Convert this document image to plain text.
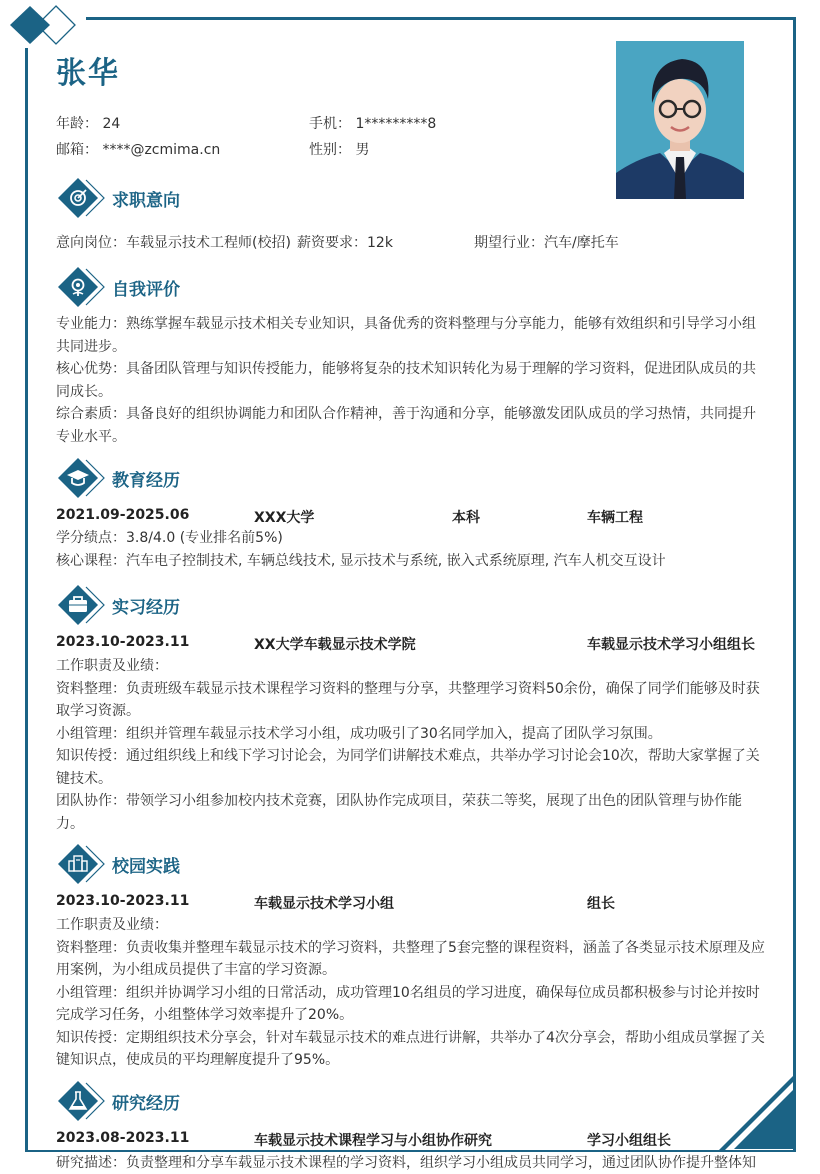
张华
年龄： 24	手机： 1*********8
邮箱： ****@zcmima.cn	性别： 男
求职意向
意向岗位：车载显示技术工程师(校招) 薪资要求：12k	期望行业：汽车/摩托车
自我评价

专业能力：熟练掌握车载显示技术相关专业知识，具备优秀的资料整理与分享能力，能够有效组织和引导学习小组共同进步。

核心优势：具备团队管理与知识传授能力，能够将复杂的技术知识转化为易于理解的学习资料，促进团队成员的共同成长。

综合素质：具备良好的组织协调能力和团队合作精神，善于沟通和分享，能够激发团队成员的学习热情，共同提升专业水平。

教育经历
2021.09-2025.06	XXX大学	本科	车辆工程

学分绩点：3.8/4.0 (专业排名前5%)

核心课程：汽车电子控制技术, 车辆总线技术, 显示技术与系统, 嵌入式系统原理, 汽车人机交互设计

实习经历
2023.10-2023.11	XX大学车载显示技术学院	车载显示技术学习小组组长

工作职责及业绩：

资料整理：负责班级车载显示技术课程学习资料的整理与分享，共整理学习资料50余份，确保了同学们能够及时获取学习资源。

小组管理：组织并管理车载显示技术学习小组，成功吸引了30名同学加入，提高了团队学习氛围。

知识传授：通过组织线上和线下学习讨论会，为同学们讲解技术难点，共举办学习讨论会10次，帮助大家掌握了关键技术。

团队协作：带领学习小组参加校内技术竞赛，团队协作完成项目，荣获二等奖，展现了出色的团队管理与协作能力。

校园实践
2023.10-2023.11	车载显示技术学习小组	组长

工作职责及业绩：

资料整理：负责收集并整理车载显示技术的学习资料，共整理了5套完整的课程资料，涵盖了各类显示技术原理及应用案例，为小组成员提供了丰富的学习资源。

小组管理：组织并协调学习小组的日常活动，成功管理10名组员的学习进度，确保每位成员都积极参与讨论并按时完成学习任务，小组整体学习效率提升了20%。

知识传授：定期组织技术分享会，针对车载显示技术的难点进行讲解，共举办了4次分享会，帮助小组成员掌握了关键知识点，使成员的平均理解度提升了95%。

研究经历
2023.08-2023.11	车载显示技术课程学习与小组协作研究	学习小组组长
研究描述：负责整理和分享车载显示技术课程的学习资料，组织学习小组成员共同学习，通过团队协作提升整体知
